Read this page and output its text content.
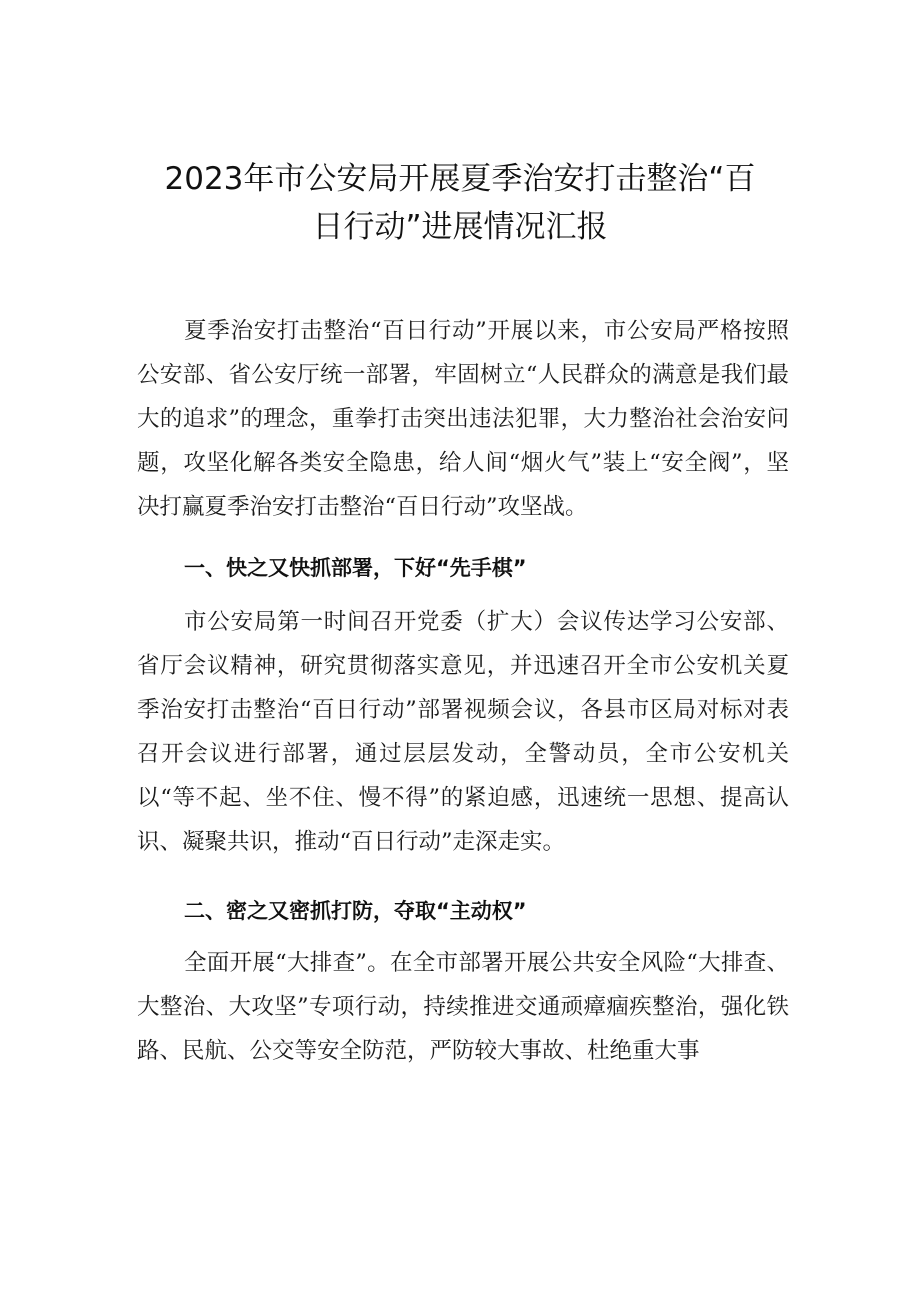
2023年市公安局开展夏季治安打击整治“百
日行动”进展情况汇报

夏季治安打击整治“百日行动”开展以来，市公安局严格按照公安部、省公安厅统一部署，牢固树立“人民群众的满意是我们最大的追求”的理念，重拳打击突出违法犯罪，大力整治社会治安问题，攻坚化解各类安全隐患，给人间“烟火气”装上“安全阀”，坚决打赢夏季治安打击整治“百日行动”攻坚战。

一、快之又快抓部署，下好“先手棋”

市公安局第一时间召开党委（扩大）会议传达学习公安部、省厅会议精神，研究贯彻落实意见，并迅速召开全市公安机关夏季治安打击整治“百日行动”部署视频会议，各县市区局对标对表召开会议进行部署，通过层层发动，全警动员，全市公安机关以“等不起、坐不住、慢不得”的紧迫感，迅速统一思想、提高认识、凝聚共识，推动“百日行动”走深走实。

二、密之又密抓打防，夺取“主动权”

全面开展“大排查”。在全市部署开展公共安全风险“大排查、大整治、大攻坚”专项行动，持续推进交通顽瘴痼疾整治，强化铁路、民航、公交等安全防范，严防较大事故、杜绝重大事
